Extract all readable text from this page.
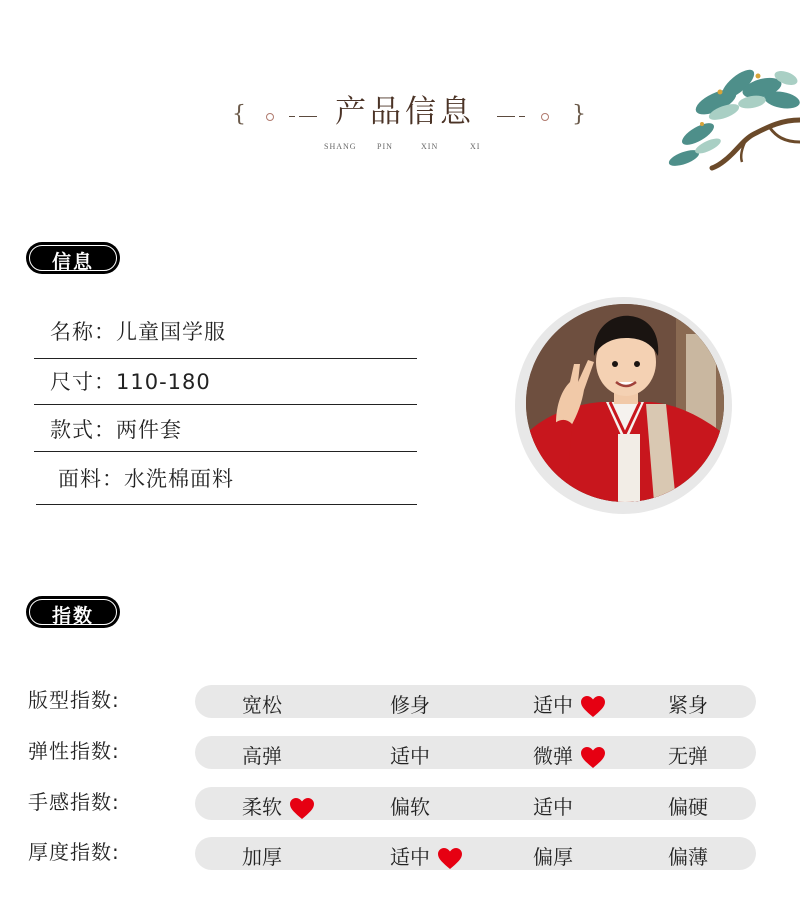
{	产品信息	}
SHANG	PIN	XIN	XI
信息
名称：儿童国学服
尺寸：110-180
款式：两件套
面料：水洗棉面料
指数
版型指数:	宽松	修身	适中	紧身
弹性指数:	高弹	适中	微弹	无弹
手感指数:	柔软	偏软	适中	偏硬
厚度指数:	加厚	适中	偏厚	偏薄
